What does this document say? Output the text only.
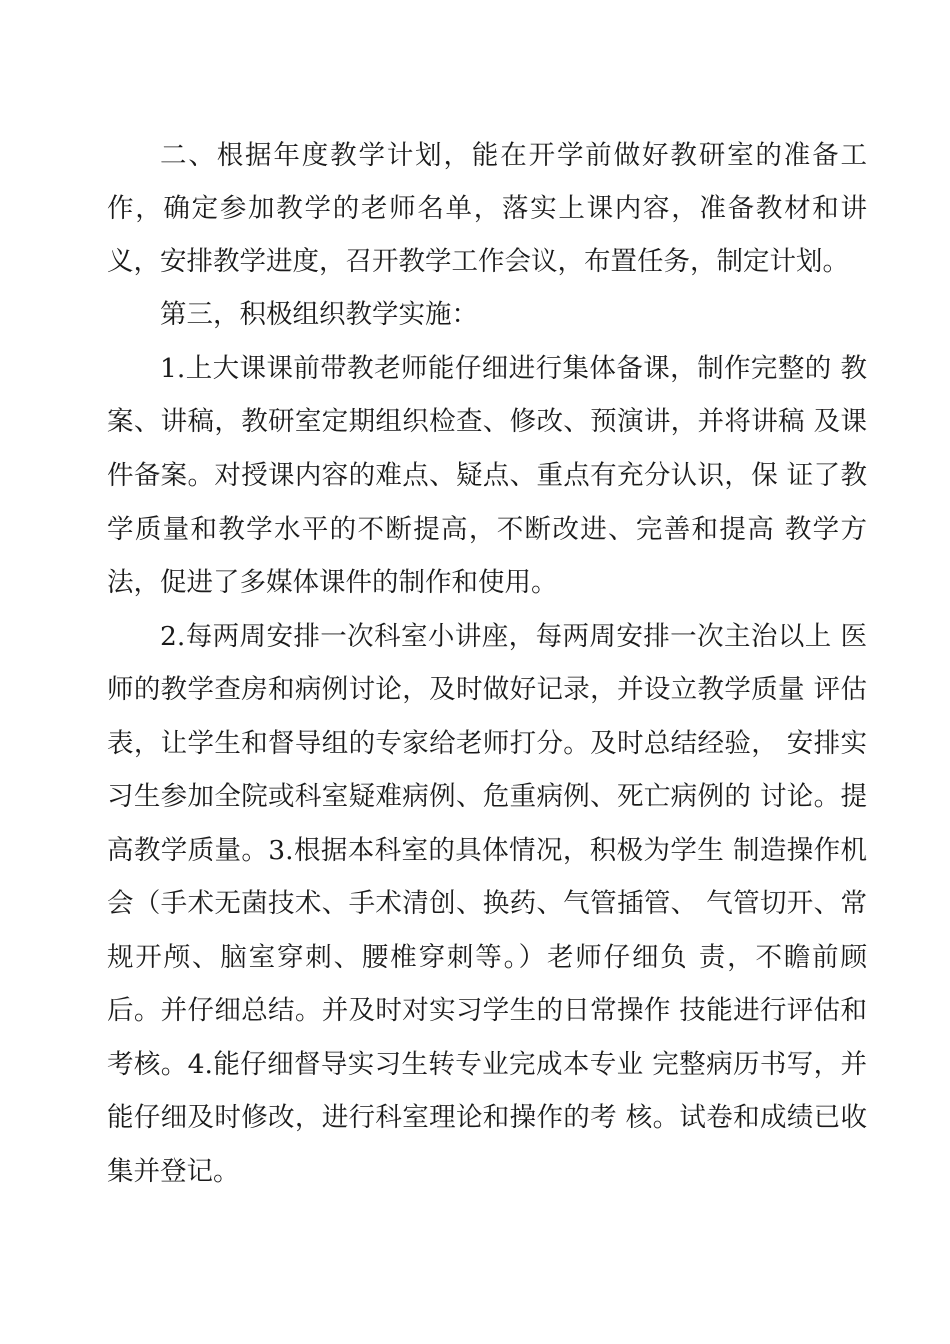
二、根据年度教学计划，能在开学前做好教研室的准备工
作，确定参加教学的老师名单，落实上课内容，准备教材和讲
义，安排教学进度，召开教学工作会议，布置任务，制定计划。
第三，积极组织教学实施：
1.上大课课前带教老师能仔细进行集体备课，制作完整的 教
案、讲稿，教研室定期组织检查、修改、预演讲，并将讲稿 及课
件备案。对授课内容的难点、疑点、重点有充分认识，保 证了教
学质量和教学水平的不断提高，不断改进、完善和提高 教学方
法，促进了多媒体课件的制作和使用。
2.每两周安排一次科室小讲座，每两周安排一次主治以上 医
师的教学查房和病例讨论，及时做好记录，并设立教学质量 评估
表，让学生和督导组的专家给老师打分。及时总结经验， 安排实
习生参加全院或科室疑难病例、危重病例、死亡病例的 讨论。提
高教学质量。3.根据本科室的具体情况，积极为学生 制造操作机
会（手术无菌技术、手术清创、换药、气管插管、 气管切开、常
规开颅、脑室穿刺、腰椎穿刺等。）老师仔细负 责，不瞻前顾
后。并仔细总结。并及时对实习学生的日常操作 技能进行评估和
考核。4.能仔细督导实习生转专业完成本专业 完整病历书写，并
能仔细及时修改，进行科室理论和操作的考 核。试卷和成绩已收
集并登记。
